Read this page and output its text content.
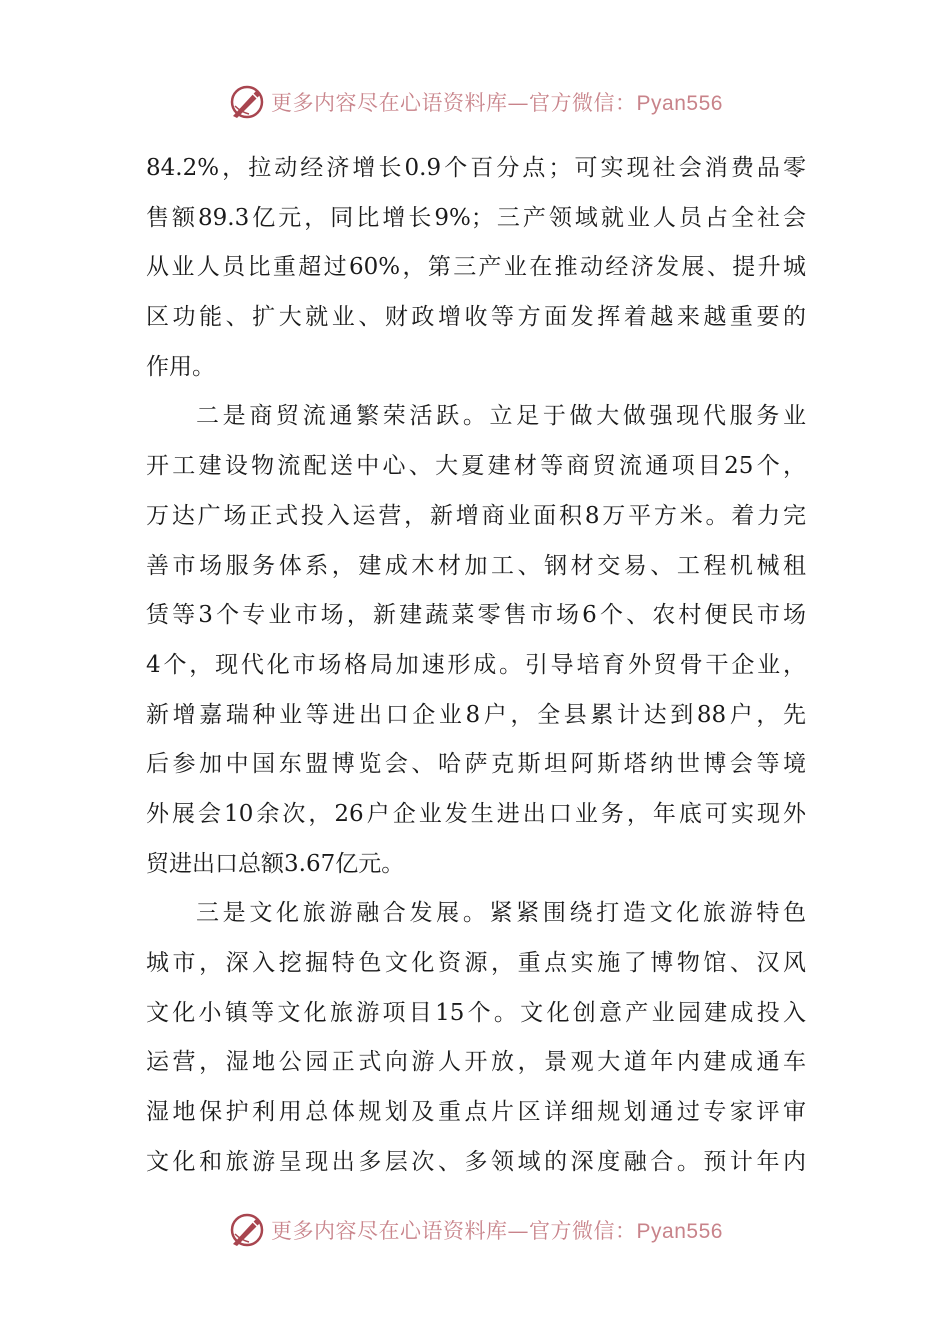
更多内容尽在心语资料库—官方微信：Pyan556
84.2%，拉动经济增长0.9个百分点；可实现社会消费品零
售额89.3亿元，同比增长9%；三产领域就业人员占全社会
从业人员比重超过60%，第三产业在推动经济发展、提升城
区功能、扩大就业、财政增收等方面发挥着越来越重要的
作用。
二是商贸流通繁荣活跃。立足于做大做强现代服务业
开工建设物流配送中心、大夏建材等商贸流通项目25个，
万达广场正式投入运营，新增商业面积8万平方米。着力完
善市场服务体系，建成木材加工、钢材交易、工程机械租
赁等3个专业市场，新建蔬菜零售市场6个、农村便民市场
4个，现代化市场格局加速形成。引导培育外贸骨干企业，
新增嘉瑞种业等进出口企业8户，全县累计达到88户，先
后参加中国东盟博览会、哈萨克斯坦阿斯塔纳世博会等境
外展会10余次，26户企业发生进出口业务，年底可实现外
贸进出口总额3.67亿元。
三是文化旅游融合发展。紧紧围绕打造文化旅游特色
城市，深入挖掘特色文化资源，重点实施了博物馆、汉风
文化小镇等文化旅游项目15个。文化创意产业园建成投入
运营，湿地公园正式向游人开放，景观大道年内建成通车
湿地保护利用总体规划及重点片区详细规划通过专家评审
文化和旅游呈现出多层次、多领域的深度融合。预计年内
更多内容尽在心语资料库—官方微信：Pyan556
